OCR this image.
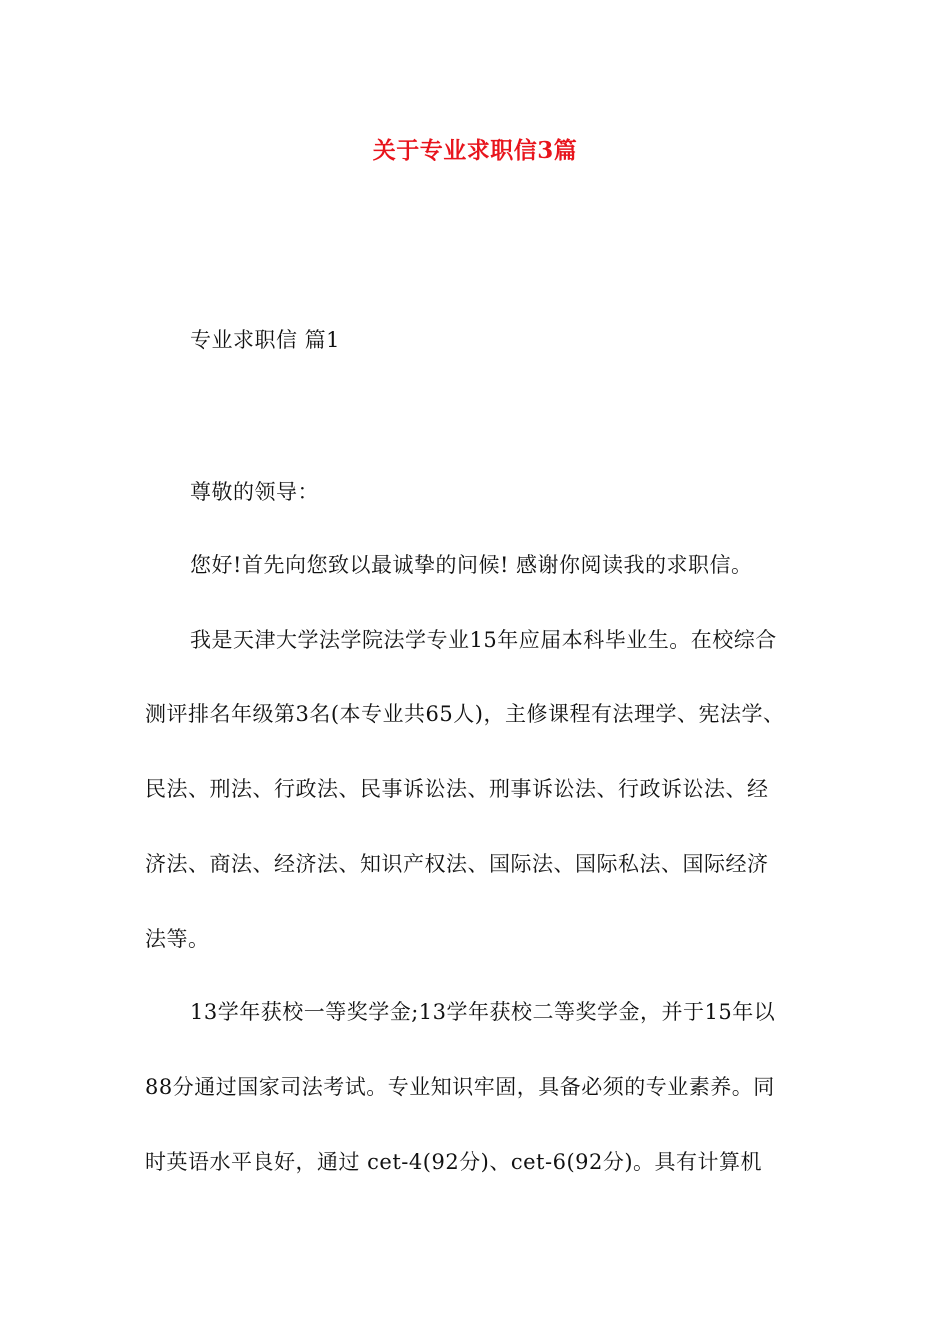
关于专业求职信3篇
专业求职信 篇1
尊敬的领导：
您好!首先向您致以最诚挚的问候! 感谢你阅读我的求职信。
我是天津大学法学院法学专业15年应届本科毕业生。在校综合
测评排名年级第3名(本专业共65人)，主修课程有法理学、宪法学、
民法、刑法、行政法、民事诉讼法、刑事诉讼法、行政诉讼法、经
济法、商法、经济法、知识产权法、国际法、国际私法、国际经济
法等。
13学年获校一等奖学金;13学年获校二等奖学金，并于15年以
88分通过国家司法考试。专业知识牢固，具备必须的专业素养。同
时英语水平良好，通过 cet-4(92分)、cet-6(92分)。具有计算机
